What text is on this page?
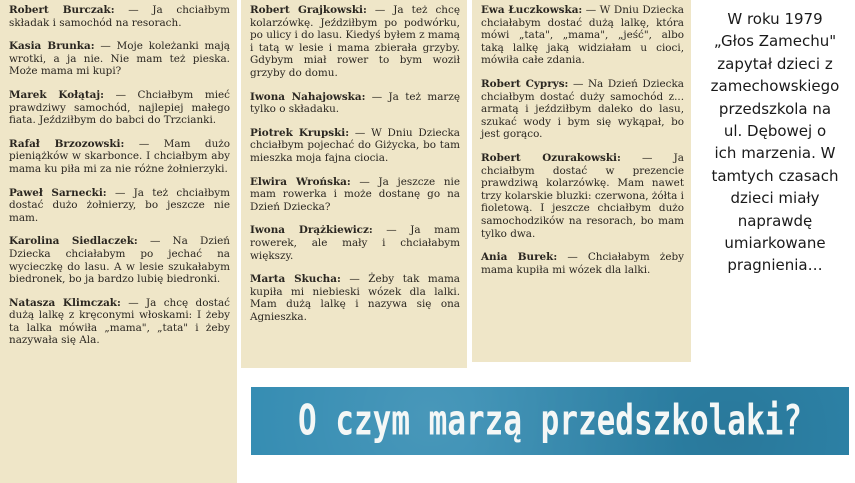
Robert Burczak: — Ja chciałbym składak i samochód na resorach.
Kasia Brunka: — Moje koleżanki mają wrotki, a ja nie. Nie mam też pieska. Może mama mi kupi?
Marek Kołątaj: — Chciałbym mieć prawdziwy samochód, najlepiej małego fiata. Jeździłbym do babci do Trzcianki.
Rafał Brzozowski: — Mam dużo pieniążków w skarbonce. I chciałbym aby mama ku piła mi za nie różne żołnierzyki.
Paweł Sarnecki: — Ja też chciałbym dostać dużo żołnierzy, bo jeszcze nie mam.
Karolina Siedlaczek: — Na Dzień Dziecka chciałabym po jechać na wycieczkę do lasu. A w lesie szukałabym biedronek, bo ja bardzo lubię biedronki.
Natasza Klimczak: — Ja chcę dostać dużą lalkę z kręconymi włoskami: I żeby ta lalka mówiła „mama", „tata" i żeby nazywała się Ala.
Robert Grajkowski: — Ja też chcę kolarzówkę. Jeździłbym po podwórku, po ulicy i do lasu. Kiedyś byłem z mamą i tatą w lesie i mama zbierała grzyby. Gdybym miał rower to bym woził grzyby do domu.
Iwona Nahajowska: — Ja też marzę tylko o składaku.
Piotrek Krupski: — W Dniu Dziecka chciałbym pojechać do Giżycka, bo tam mieszka moja fajna ciocia.
Elwira Wrońska: — Ja jeszcze nie mam rowerka i może dostanę go na Dzień Dziecka?
Iwona Drążkiewicz: — Ja mam rowerek, ale mały i chciałabym większy.
Marta Skucha: — Żeby tak mama kupiła mi niebieski wózek dla lalki. Mam dużą lalkę i nazywa się ona Agnieszka.
Ewa Łuczkowska: — W Dniu Dziecka chciałabym dostać dużą lalkę, która mówi „tata", „mama", „jeść", albo taką lalkę jaką widziałam u cioci, mówiła całe zdania.
Robert Cyprys: — Na Dzień Dziecka chciałbym dostać duży samochód z... armatą i jeździłbym daleko do lasu, szukać wody i bym się wykąpał, bo jest gorąco.
Robert Ozurakowski: — Ja chciałbym dostać w prezencie prawdziwą kolarzówkę. Mam nawet trzy kolarskie bluzki: czerwona, żółta i fioletową. I jeszcze chciałbym dużo samochodzików na resorach, bo mam tylko dwa.
Ania Burek: — Chciałabym żeby mama kupiła mi wózek dla lalki.
W roku 1979
„Głos Zamechu"
zapytał dzieci z
zamechowskiego
przedszkola na
ul. Dębowej o
ich marzenia. W
tamtych czasach
dzieci miały
naprawdę
umiarkowane
pragnienia…
O czym marzą przedszkolaki?
